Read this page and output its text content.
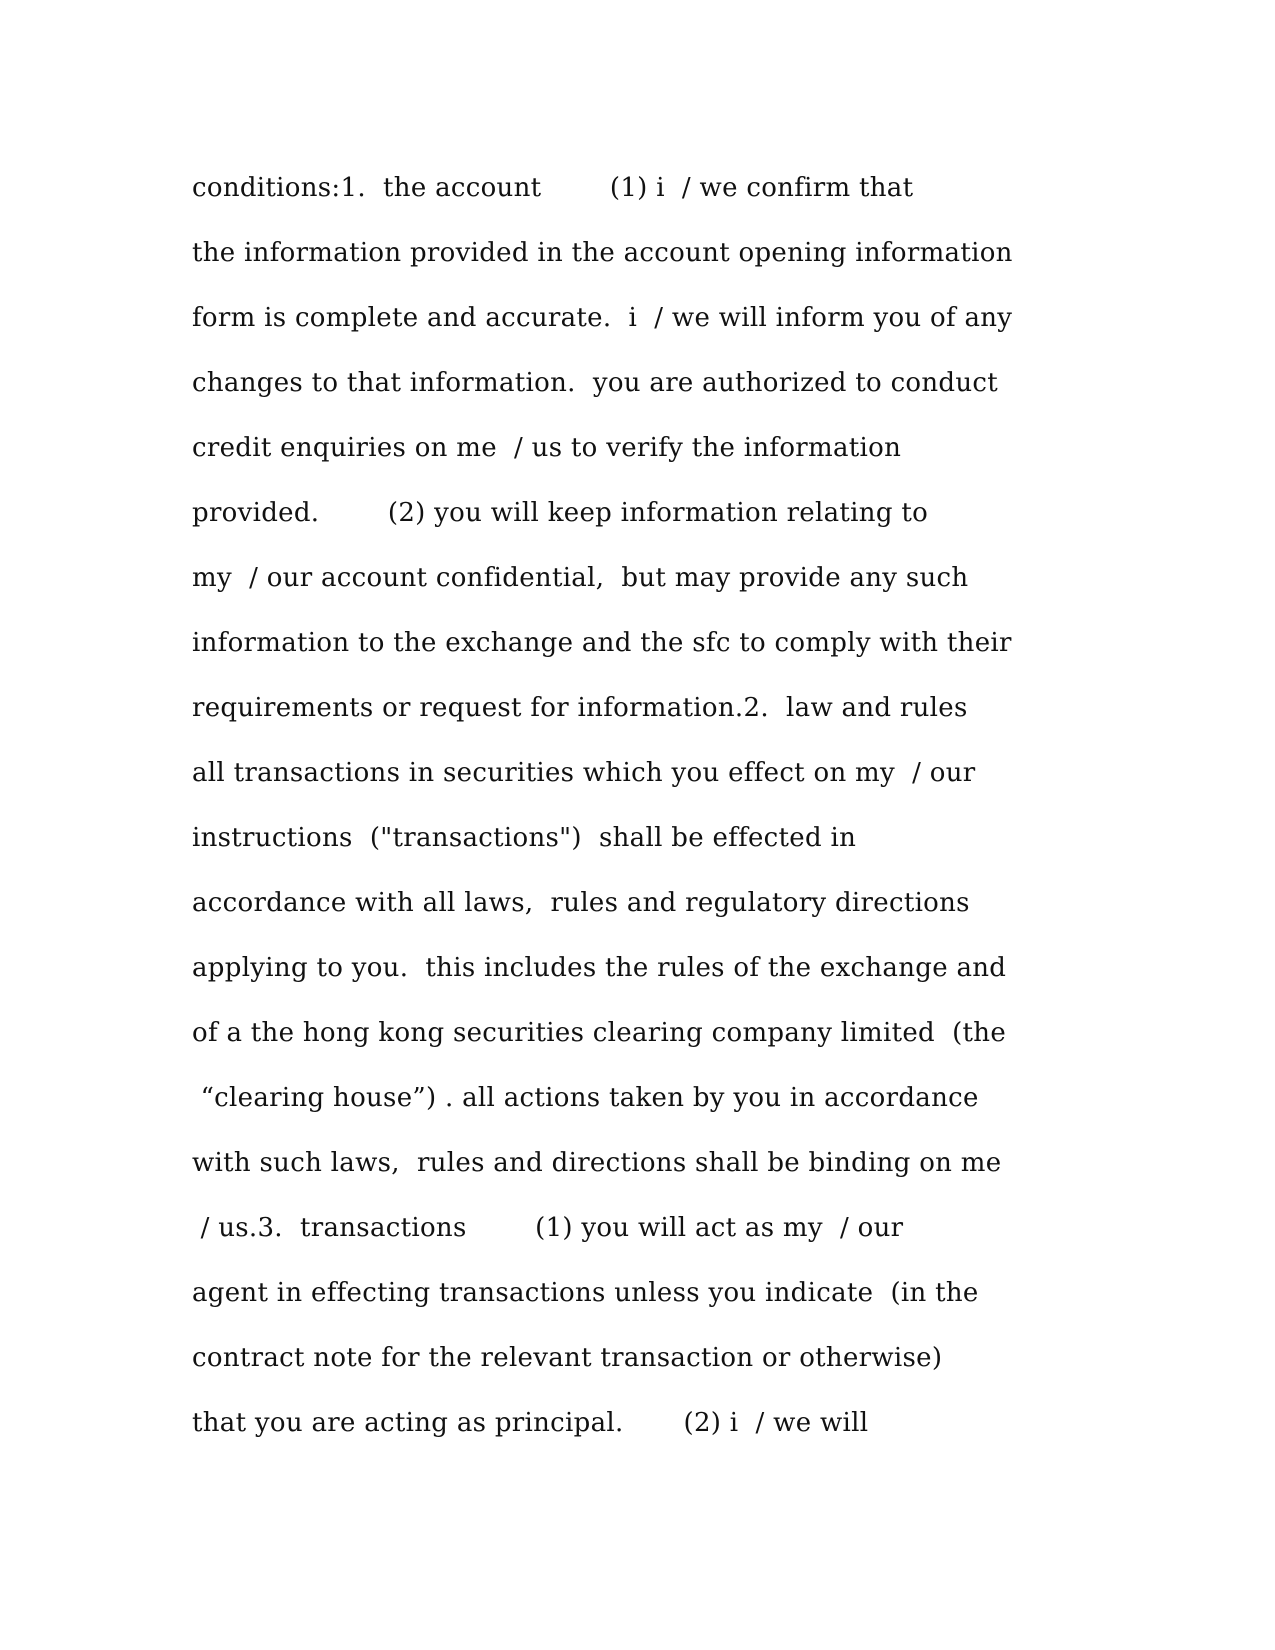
conditions:1.  the account        (1) i  / we confirm that
the information provided in the account opening information
form is complete and accurate.  i  / we will inform you of any
changes to that information.  you are authorized to conduct
credit enquiries on me  / us to verify the information
provided.        (2) you will keep information relating to
my  / our account confidential,  but may provide any such
information to the exchange and the sfc to comply with their
requirements or request for information.2.  law and rules
all transactions in securities which you effect on my  / our
instructions  ("transactions")  shall be effected in
accordance with all laws,  rules and regulatory directions
applying to you.  this includes the rules of the exchange and
of a the hong kong securities clearing company limited  (the
“clearing house”) . all actions taken by you in accordance
with such laws,  rules and directions shall be binding on me
/ us.3.  transactions        (1) you will act as my  / our
agent in effecting transactions unless you indicate  (in the
contract note for the relevant transaction or otherwise)
that you are acting as principal.       (2) i  / we will
